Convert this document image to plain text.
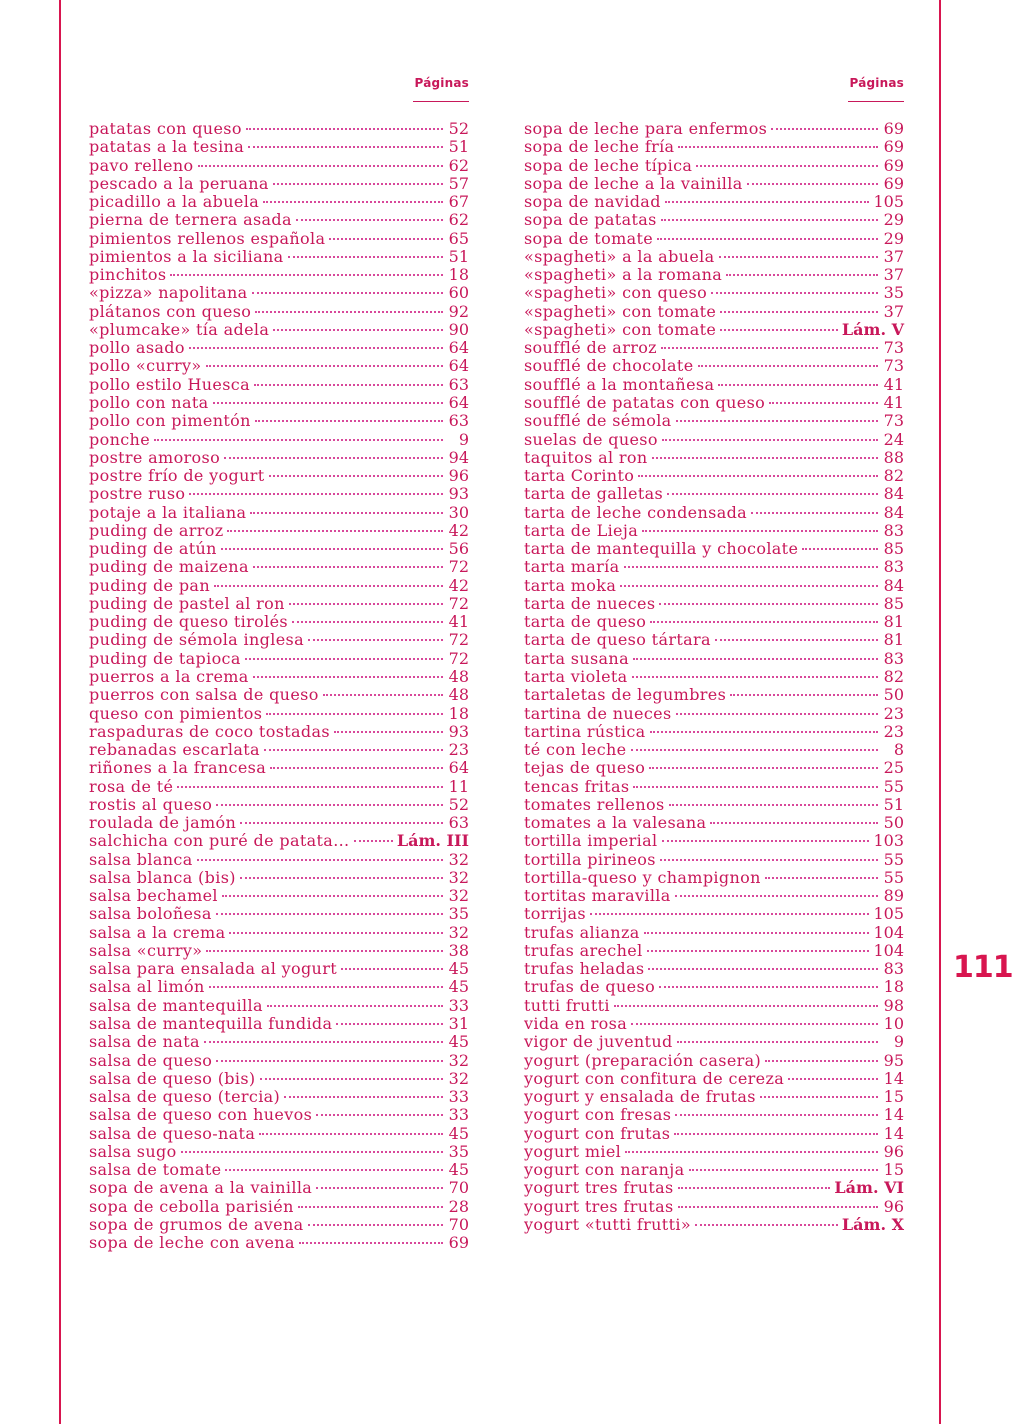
Páginas
patatas con queso	52
patatas a la tesina	51
pavo relleno	62
pescado a la peruana	57
picadillo a la abuela	67
pierna de ternera asada	62
pimientos rellenos española	65
pimientos a la siciliana	51
pinchitos	18
«pizza» napolitana	60
plátanos con queso	92
«plumcake» tía adela	90
pollo asado	64
pollo «curry»	64
pollo estilo Huesca	63
pollo con nata	64
pollo con pimentón	63
ponche	9
postre amoroso	94
postre frío de yogurt	96
postre ruso	93
potaje a la italiana	30
puding de arroz	42
puding de atún	56
puding de maizena	72
puding de pan	42
puding de pastel al ron	72
puding de queso tirolés	41
puding de sémola inglesa	72
puding de tapioca	72
puerros a la crema	48
puerros con salsa de queso	48
queso con pimientos	18
raspaduras de coco tostadas	93
rebanadas escarlata	23
riñones a la francesa	64
rosa de té	11
rostis al queso	52
roulada de jamón	63
salchicha con puré de patata...	Lám. III
salsa blanca	32
salsa blanca (bis)	32
salsa bechamel	32
salsa boloñesa	35
salsa a la crema	32
salsa «curry»	38
salsa para ensalada al yogurt	45
salsa al limón	45
salsa de mantequilla	33
salsa de mantequilla fundida	31
salsa de nata	45
salsa de queso	32
salsa de queso (bis)	32
salsa de queso (tercia)	33
salsa de queso con huevos	33
salsa de queso-nata	45
salsa sugo	35
salsa de tomate	45
sopa de avena a la vainilla	70
sopa de cebolla parisién	28
sopa de grumos de avena	70
sopa de leche con avena	69
Páginas
sopa de leche para enfermos	69
sopa de leche fría	69
sopa de leche típica	69
sopa de leche a la vainilla	69
sopa de navidad	105
sopa de patatas	29
sopa de tomate	29
«spagheti» a la abuela	37
«spagheti» a la romana	37
«spagheti» con queso	35
«spagheti» con tomate	37
«spagheti» con tomate	Lám. V
soufflé de arroz	73
soufflé de chocolate	73
soufflé a la montañesa	41
soufflé de patatas con queso	41
soufflé de sémola	73
suelas de queso	24
taquitos al ron	88
tarta Corinto	82
tarta de galletas	84
tarta de leche condensada	84
tarta de Lieja	83
tarta de mantequilla y chocolate	85
tarta maría	83
tarta moka	84
tarta de nueces	85
tarta de queso	81
tarta de queso tártara	81
tarta susana	83
tarta violeta	82
tartaletas de legumbres	50
tartina de nueces	23
tartina rústica	23
té con leche	8
tejas de queso	25
tencas fritas	55
tomates rellenos	51
tomates a la valesana	50
tortilla imperial	103
tortilla pirineos	55
tortilla-queso y champignon	55
tortitas maravilla	89
torrijas	105
trufas alianza	104
trufas arechel	104
trufas heladas	83
trufas de queso	18
tutti frutti	98
vida en rosa	10
vigor de juventud	9
yogurt (preparación casera)	95
yogurt con confitura de cereza	14
yogurt y ensalada de frutas	15
yogurt con fresas	14
yogurt con frutas	14
yogurt miel	96
yogurt con naranja	15
yogurt tres frutas	Lám. VI
yogurt tres frutas	96
yogurt «tutti frutti»	Lám. X
111
